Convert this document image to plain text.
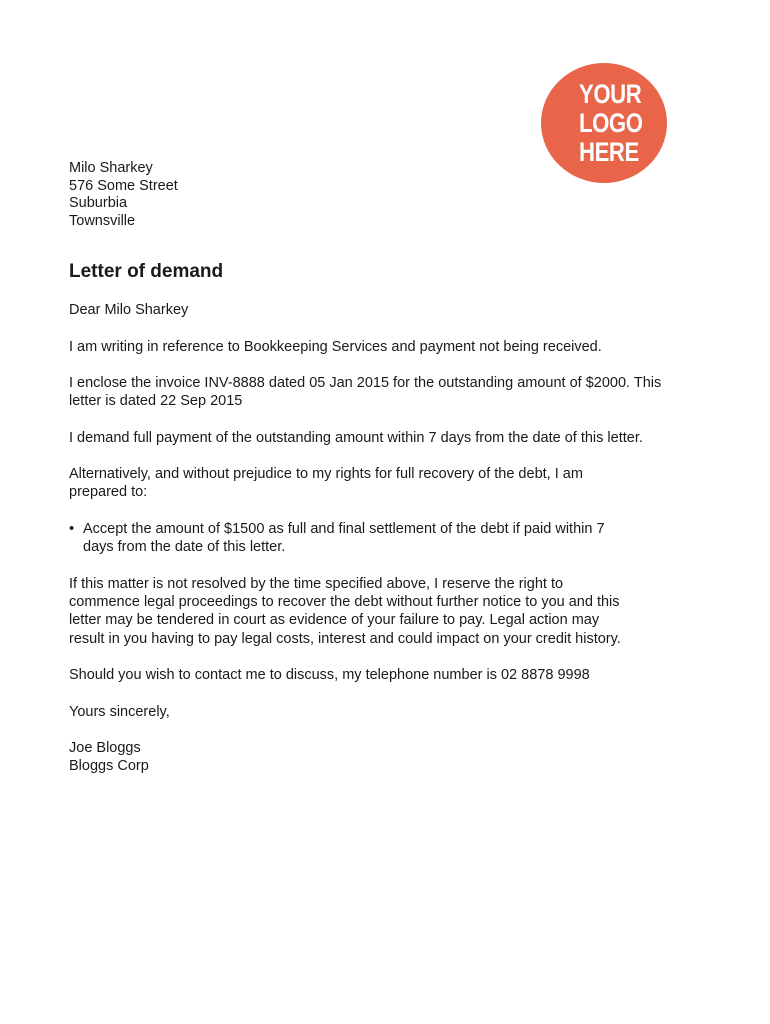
YOUR
LOGO
HERE
Milo Sharkey
576 Some Street
Suburbia
Townsville
Letter of demand

Dear Milo Sharkey

I am writing in reference to Bookkeeping Services and payment not being received.

I enclose the invoice INV-8888 dated 05 Jan 2015 for the outstanding amount of $2000. This
letter is dated 22 Sep 2015

I demand full payment of the outstanding amount within 7 days from the date of this letter.

Alternatively, and without prejudice to my rights for full recovery of the debt, I am
prepared to:
• Accept the amount of $1500 as full and final settlement of the debt if paid within 7
days from the date of this letter.
If this matter is not resolved by the time specified above, I reserve the right to
commence legal proceedings to recover the debt without further notice to you and this
letter may be tendered in court as evidence of your failure to pay. Legal action may
result in you having to pay legal costs, interest and could impact on your credit history.

Should you wish to contact me to discuss, my telephone number is 02 8878 9998

Yours sincerely,

Joe Bloggs
Bloggs Corp
